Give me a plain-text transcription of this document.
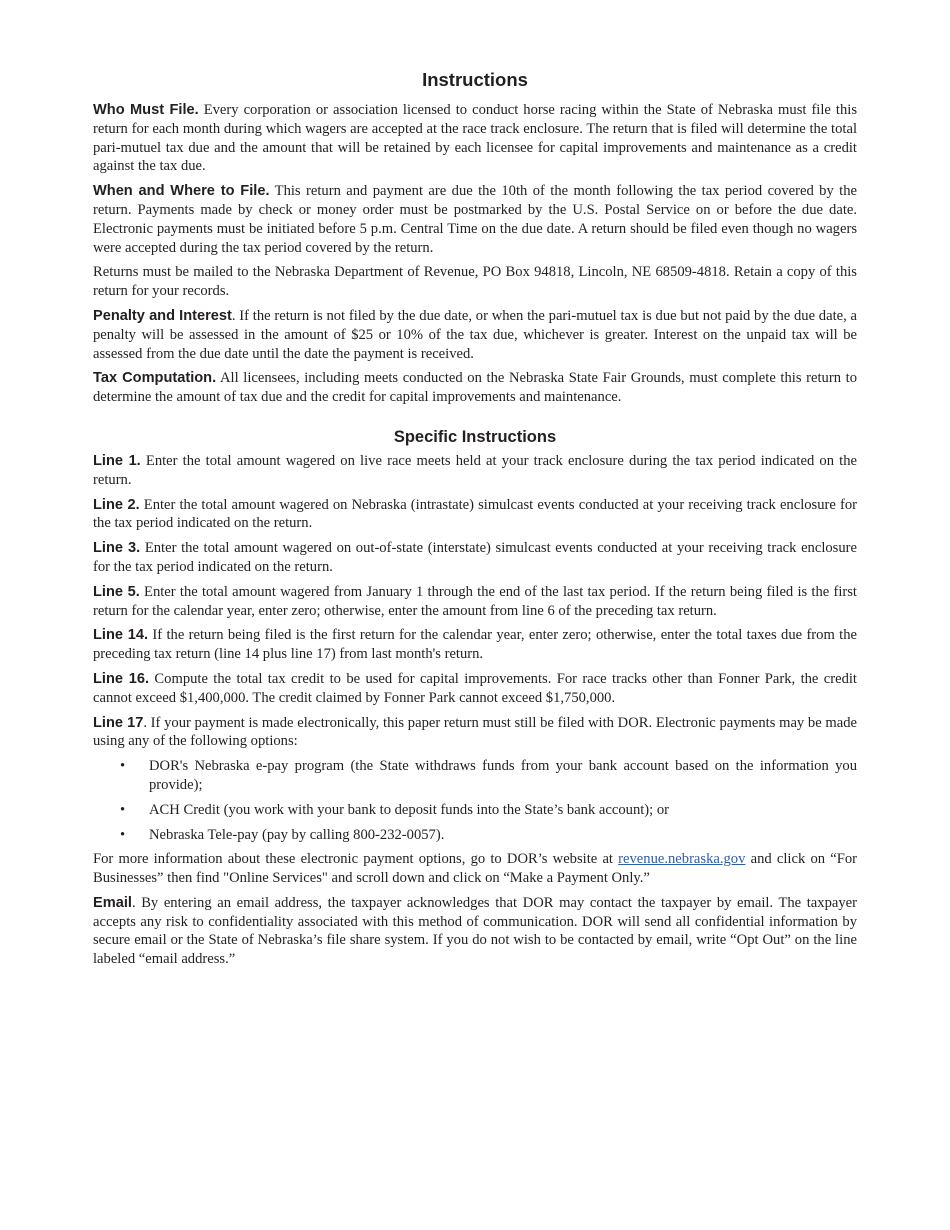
Instructions

Who Must File. Every corporation or association licensed to conduct horse racing within the State of Nebraska must file this return for each month during which wagers are accepted at the race track enclosure. The return that is filed will determine the total pari-mutuel tax due and the amount that will be retained by each licensee for capital improvements and maintenance as a credit against the tax due.

When and Where to File. This return and payment are due the 10th of the month following the tax period covered by the return. Payments made by check or money order must be postmarked by the U.S. Postal Service on or before the due date. Electronic payments must be initiated before 5 p.m. Central Time on the due date. A return should be filed even though no wagers were accepted during the tax period covered by the return.

Returns must be mailed to the Nebraska Department of Revenue, PO Box 94818, Lincoln, NE 68509-4818. Retain a copy of this return for your records.

Penalty and Interest. If the return is not filed by the due date, or when the pari-mutuel tax is due but not paid by the due date, a penalty will be assessed in the amount of $25 or 10% of the tax due, whichever is greater. Interest on the unpaid tax will be assessed from the due date until the date the payment is received.

Tax Computation. All licensees, including meets conducted on the Nebraska State Fair Grounds, must complete this return to determine the amount of tax due and the credit for capital improvements and maintenance.

Specific Instructions

Line 1. Enter the total amount wagered on live race meets held at your track enclosure during the tax period indicated on the return.

Line 2. Enter the total amount wagered on Nebraska (intrastate) simulcast events conducted at your receiving track enclosure for the tax period indicated on the return.

Line 3. Enter the total amount wagered on out-of-state (interstate) simulcast events conducted at your receiving track enclosure for the tax period indicated on the return.

Line 5. Enter the total amount wagered from January 1 through the end of the last tax period. If the return being filed is the first return for the calendar year, enter zero; otherwise, enter the amount from line 6 of the preceding tax return.

Line 14. If the return being filed is the first return for the calendar year, enter zero; otherwise, enter the total taxes due from the preceding tax return (line 14 plus line 17) from last month's return.

Line 16. Compute the total tax credit to be used for capital improvements. For race tracks other than Fonner Park, the credit cannot exceed $1,400,000. The credit claimed by Fonner Park cannot exceed $1,750,000.

Line 17. If your payment is made electronically, this paper return must still be filed with DOR. Electronic payments may be made using any of the following options:

• DOR's Nebraska e-pay program (the State withdraws funds from your bank account based on the information you provide);
• ACH Credit (you work with your bank to deposit funds into the State’s bank account); or
• Nebraska Tele-pay (pay by calling 800-232-0057).

For more information about these electronic payment options, go to DOR’s website at revenue.nebraska.gov and click on “For Businesses” then find "Online Services" and scroll down and click on “Make a Payment Only.”

Email. By entering an email address, the taxpayer acknowledges that DOR may contact the taxpayer by email. The taxpayer accepts any risk to confidentiality associated with this method of communication. DOR will send all confidential information by secure email or the State of Nebraska’s file share system. If you do not wish to be contacted by email, write “Opt Out” on the line labeled “email address.”
